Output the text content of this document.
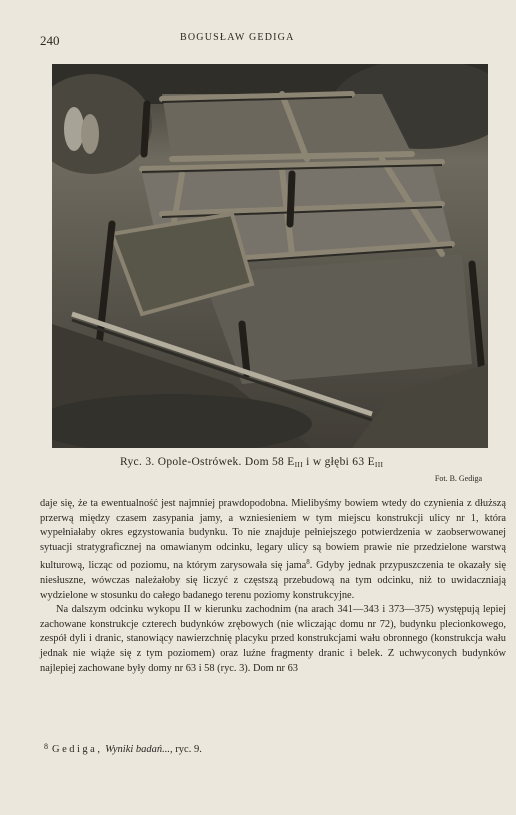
240	BOGUSŁAW GEDIGA
Ryc. 3. Opole-Ostrówek. Dom 58 $E_{III}$ i w głębi 63 $E_{III}$
Fot. B. Gediga

daje się, że ta ewentualność jest najmniej prawdopodobna. Mielibyśmy bowiem wtedy do czynienia z dłuższą przerwą między czasem zasypania jamy, a wzniesieniem w tym miejscu konstrukcji ulicy nr 1, która wypełniałaby okres egzystowania budynku. To nie znajduje pełniejszego potwierdzenia w zaobserwowanej sytuacji stratygraficznej na omawianym odcinku, legary ulicy są bowiem prawie nie przedzielone warstwą kulturową, licząc od poziomu, na którym zarysowała się jama$^8$. Gdyby jednak przypuszczenia te okazały się niesłuszne, wówczas należałoby się liczyć z częstszą przebudową na tym odcinku, niż to uwidaczniają wydzielone w stosunku do całego badanego terenu poziomy konstrukcyjne.

Na dalszym odcinku wykopu II w kierunku zachodnim (na arach 341—343 i 373—375) występują lepiej zachowane konstrukcje czterech budynków zrębowych (nie wliczając domu nr 72), budynku plecionkowego, zespół dyli i dranic, stanowiący nawierzchnię placyku przed konstrukcjami wału obronnego (konstrukcja wału jednak nie wiąże się z tym poziomem) oraz luźne fragmenty dranic i belek. Z uchwyconych budynków najlepiej zachowane były domy nr 63 i 58 (ryc. 3). Dom nr 63

$^8$ Gediga, Wyniki badań..., ryc. 9.
